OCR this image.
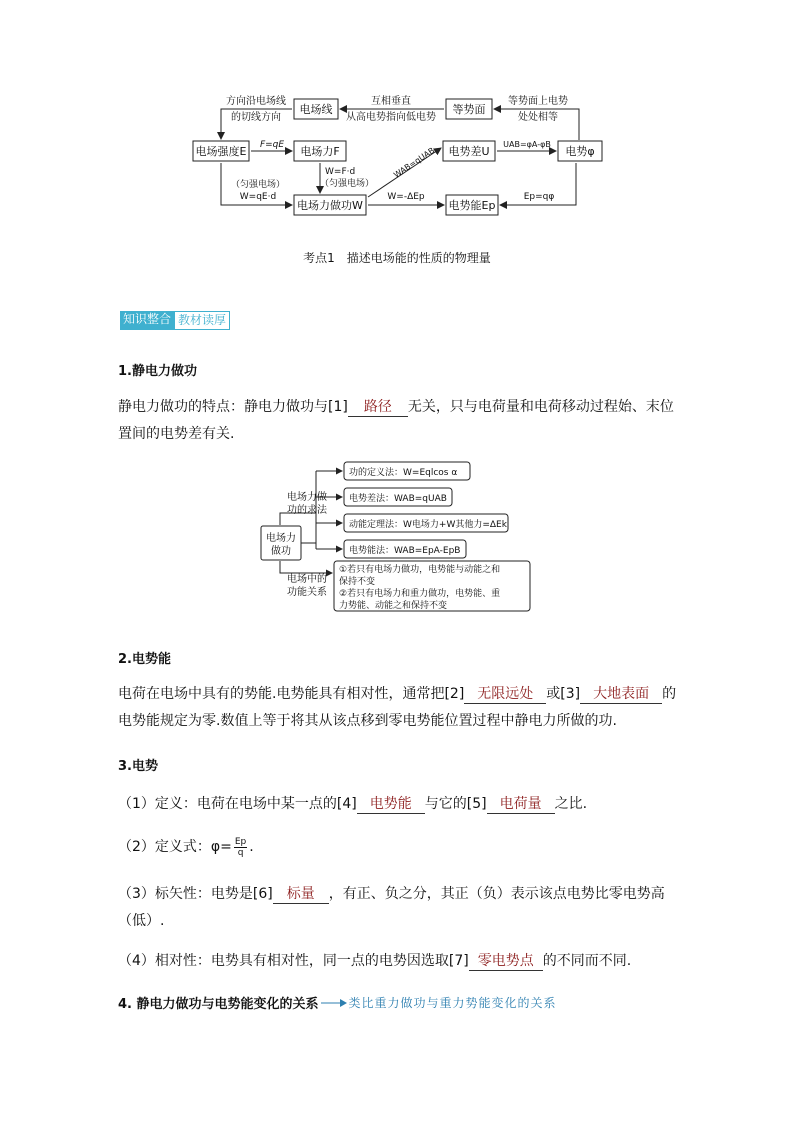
电场线	等势面
电场强度E	电场力F	电势差U	电势φ
电场力做功W	电势能Ep
方向沿电场线
的切线方向
互相垂直
从高电势指向低电势
等势面上电势
处处相等
F=qE
W=F·d
（匀强电场）
（匀强电场）
W=qE·d
WAB=qUAB
UAB=φA-φB
W=-ΔEp	Ep=qφ
考点1　描述电场能的性质的物理量
知识整合 教材读厚
1.静电力做功
静电力做功的特点：静电力做功与[1] 路径 无关，只与电荷量和电荷移动过程始、末位置间的电势差有关.
电场力
做功
电场力做
功的求法
电场中的
功能关系
功的定义法：W=Eqlcos α
电势差法：WAB=qUAB
动能定理法：W电场力+W其他力=ΔEk
电势能法：WAB=EpA-EpB
①若只有电场力做功，电势能与动能之和
保持不变
②若只有电场力和重力做功，电势能、重
力势能、动能之和保持不变
2.电势能
电荷在电场中具有的势能.电势能具有相对性，通常把[2] 无限远处 或[3] 大地表面 的电势能规定为零.数值上等于将其从该点移到零电势能位置过程中静电力所做的功.
3.电势
（1）定义：电荷在电场中某一点的[4] 电势能 与它的[5] 电荷量 之比.
（2）定义式：$\varphi= \frac{Ep}{q}$ .
（3）标矢性：电势是[6] 标量 ，有正、负之分，其正（负）表示该点电势比零电势高（低）.
（4）相对性：电势具有相对性，同一点的电势因选取[7] 零电势点 的不同而不同.
4. 静电力做功与电势能变化的关系	类比重力做功与重力势能变化的关系
